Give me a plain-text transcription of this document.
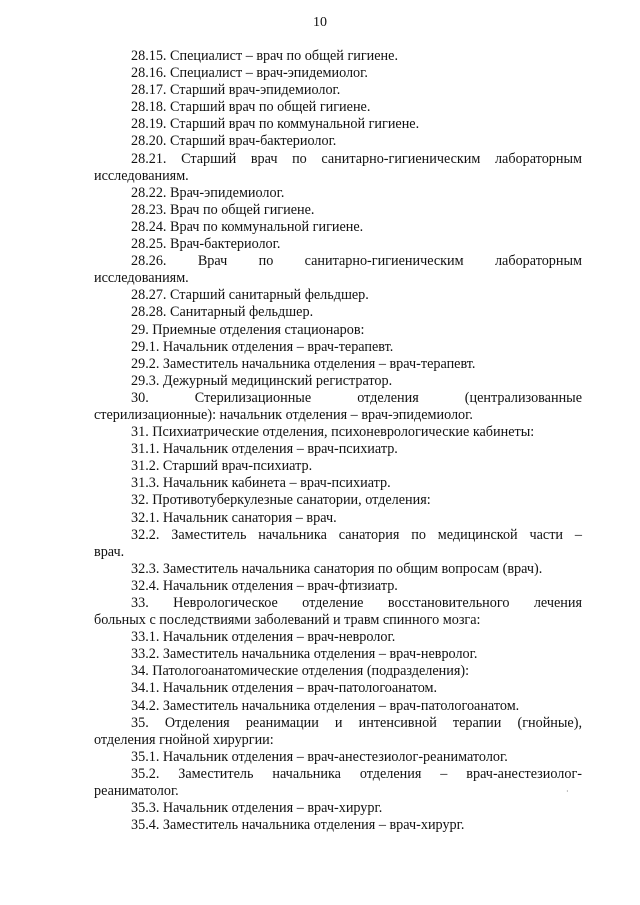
10
28.15. Специалист – врач по общей гигиене.
28.16. Специалист – врач-эпидемиолог.
28.17. Старший врач-эпидемиолог.
28.18. Старший врач по общей гигиене.
28.19. Старший врач по коммунальной гигиене.
28.20. Старший врач-бактериолог.
28.21. Старший врач по санитарно-гигиеническим лабораторным
исследованиям.
28.22. Врач-эпидемиолог.
28.23. Врач по общей гигиене.
28.24. Врач по коммунальной гигиене.
28.25. Врач-бактериолог.
28.26. Врач по санитарно-гигиеническим лабораторным
исследованиям.
28.27. Старший санитарный фельдшер.
28.28. Санитарный фельдшер.
29. Приемные отделения стационаров:
29.1. Начальник отделения – врач-терапевт.
29.2. Заместитель начальника отделения – врач-терапевт.
29.3. Дежурный медицинский регистратор.
30. Стерилизационные отделения (централизованные
стерилизационные): начальник отделения – врач-эпидемиолог.
31. Психиатрические отделения, психоневрологические кабинеты:
31.1. Начальник отделения – врач-психиатр.
31.2. Старший врач-психиатр.
31.3. Начальник кабинета – врач-психиатр.
32. Противотуберкулезные санатории, отделения:
32.1. Начальник санатория – врач.
32.2. Заместитель начальника санатория по медицинской части –
врач.
32.3. Заместитель начальника санатория по общим вопросам (врач).
32.4. Начальник отделения – врач-фтизиатр.
33. Неврологическое отделение восстановительного лечения
больных с последствиями заболеваний и травм спинного мозга:
33.1. Начальник отделения – врач-невролог.
33.2. Заместитель начальника отделения – врач-невролог.
34. Патологоанатомические отделения (подразделения):
34.1. Начальник отделения – врач-патологоанатом.
34.2. Заместитель начальника отделения – врач-патологоанатом.
35. Отделения реанимации и интенсивной терапии (гнойные),
отделения гнойной хирургии:
35.1. Начальник отделения – врач-анестезиолог-реаниматолог.
35.2. Заместитель начальника отделения – врач-анестезиолог-
реаниматолог.
35.3. Начальник отделения – врач-хирург.
35.4. Заместитель начальника отделения – врач-хирург.
·
